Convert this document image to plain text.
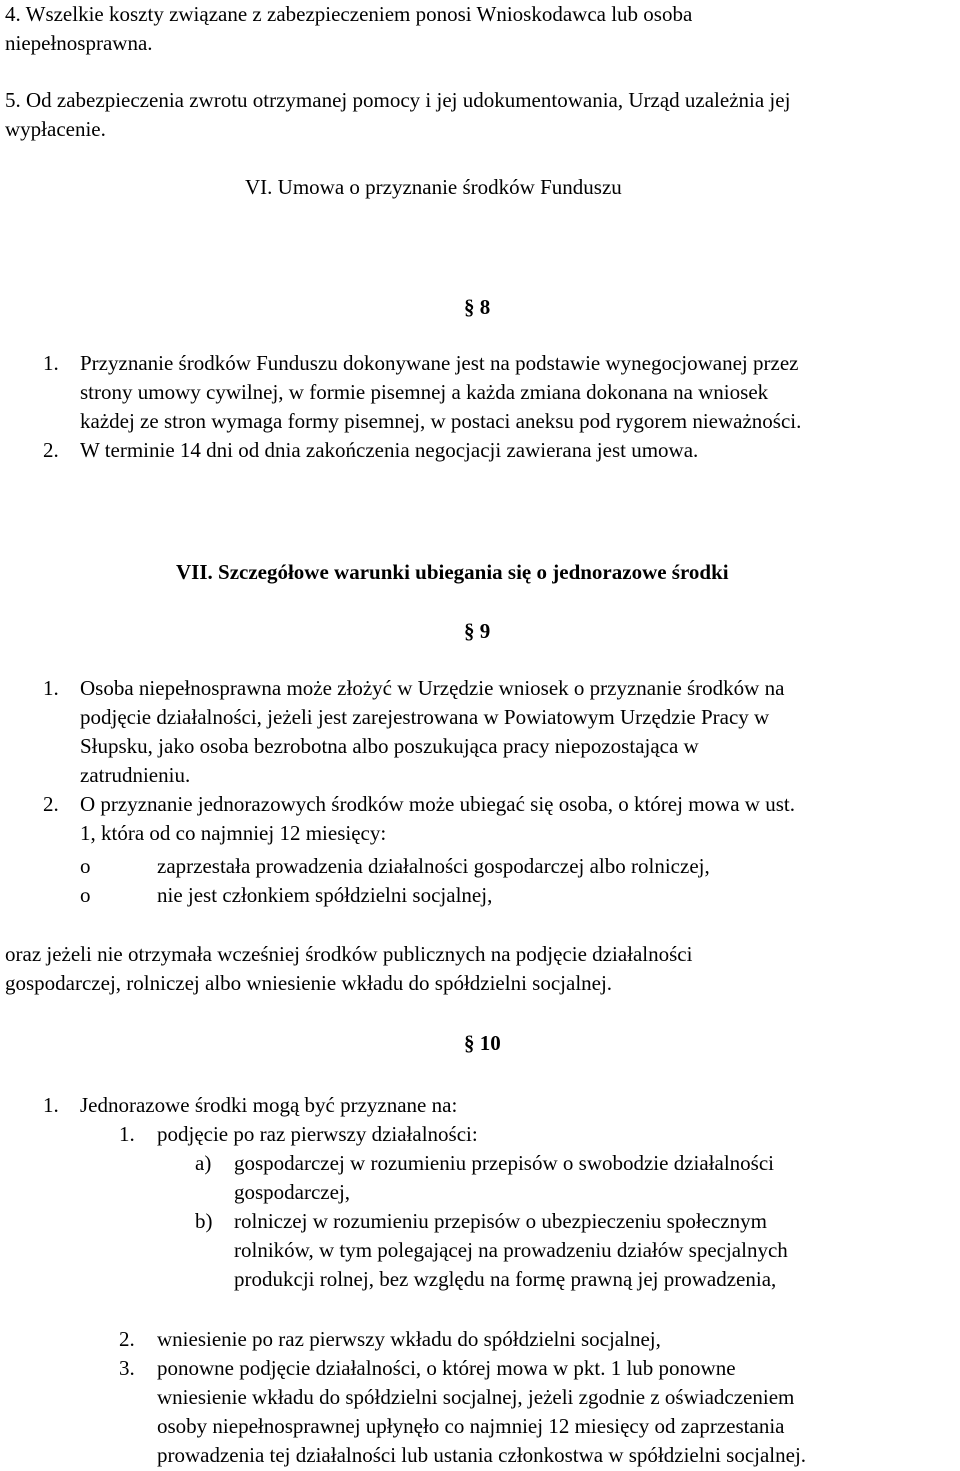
4. Wszelkie koszty związane z zabezpieczeniem ponosi Wnioskodawca lub osoba
niepełnosprawna.
5. Od zabezpieczenia zwrotu otrzymanej pomocy i jej udokumentowania, Urząd uzależnia jej
wypłacenie.
VI. Umowa o przyznanie środków Funduszu
§ 8
1. Przyznanie środków Funduszu dokonywane jest na podstawie wynegocjowanej przez
strony umowy cywilnej, w formie pisemnej a każda zmiana dokonana na wniosek
każdej ze stron wymaga formy pisemnej, w postaci aneksu pod rygorem nieważności.
2. W terminie 14 dni od dnia zakończenia negocjacji zawierana jest umowa.
VII. Szczegółowe warunki ubiegania się o jednorazowe środki
§ 9
1. Osoba niepełnosprawna może złożyć w Urzędzie wniosek o przyznanie środków na
podjęcie działalności, jeżeli jest zarejestrowana w Powiatowym Urzędzie Pracy w
Słupsku, jako osoba bezrobotna albo poszukująca pracy niepozostająca w
zatrudnieniu.
2. O przyznanie jednorazowych środków może ubiegać się osoba, o której mowa w ust.
1, która od co najmniej 12 miesięcy:
o	zaprzestała prowadzenia działalności gospodarczej albo rolniczej,
o	nie jest członkiem spółdzielni socjalnej,
oraz jeżeli nie otrzymała wcześniej środków publicznych na podjęcie działalności
gospodarczej, rolniczej albo wniesienie wkładu do spółdzielni socjalnej.
§ 10
1. Jednorazowe środki mogą być przyznane na:
1. podjęcie po raz pierwszy działalności:
a) gospodarczej w rozumieniu przepisów o swobodzie działalności
gospodarczej,
b) rolniczej w rozumieniu przepisów o ubezpieczeniu społecznym
rolników, w tym polegającej na prowadzeniu działów specjalnych
produkcji rolnej, bez względu na formę prawną jej prowadzenia,
2. wniesienie po raz pierwszy wkładu do spółdzielni socjalnej,
3. ponowne podjęcie działalności, o której mowa w pkt. 1 lub ponowne
wniesienie wkładu do spółdzielni socjalnej, jeżeli zgodnie z oświadczeniem
osoby niepełnosprawnej upłynęło co najmniej 12 miesięcy od zaprzestania
prowadzenia tej działalności lub ustania członkostwa w spółdzielni socjalnej.
